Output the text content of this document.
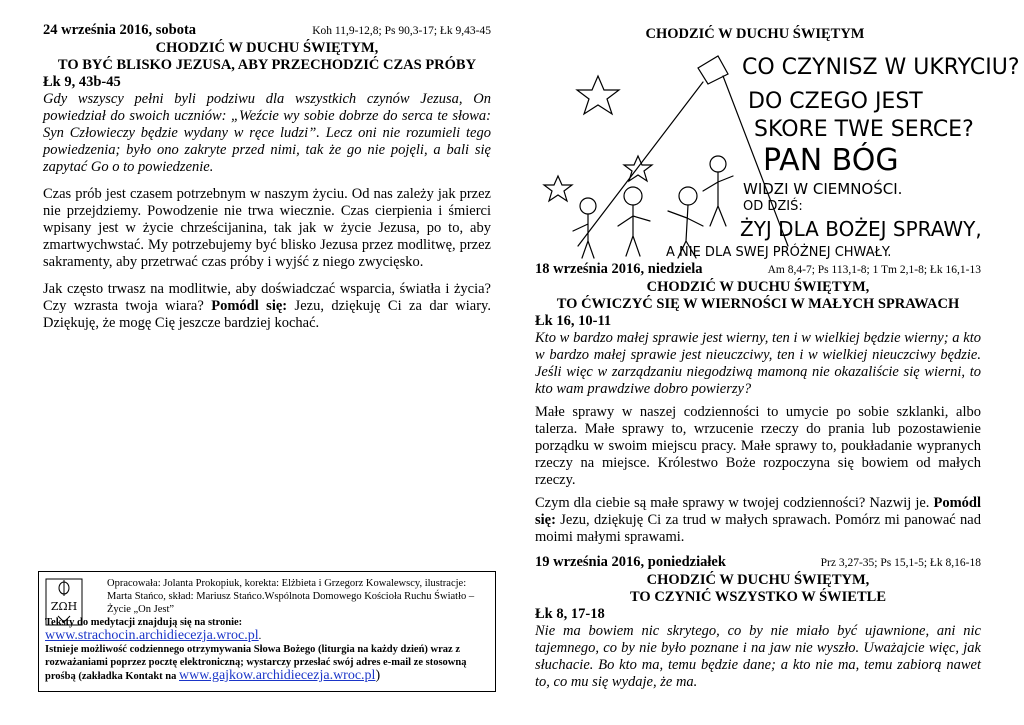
24 września 2016, sobota	Koh 11,9-12,8; Ps 90,3-17; Łk 9,43-45
CHODZIĆ W DUCHU ŚWIĘTYM,
TO BYĆ BLISKO JEZUSA, ABY PRZECHODZIĆ CZAS PRÓBY
Łk 9, 43b-45

Gdy wszyscy pełni byli podziwu dla wszystkich czynów Jezusa, On powiedział do swoich uczniów: „Weźcie wy sobie dobrze do serca te słowa: Syn Człowieczy będzie wydany w ręce ludzi”. Lecz oni nie rozumieli tego powiedzenia; było ono zakryte przed nimi, tak że go nie pojęli, a bali się zapytać Go o to powiedzenie.

Czas prób jest czasem potrzebnym w naszym życiu. Od nas zależy jak przez nie przejdziemy. Powodzenie nie trwa wiecznie. Czas cierpienia i śmierci wpisany jest w życie chrześcijanina, tak jak w życie Jezusa, po to, aby zmartwychwstać. My potrzebujemy być blisko Jezusa przez modlitwę, przez sakramenty, aby przetrwać czas próby i wyjść z niego zwycięsko.

Jak często trwasz na modlitwie, aby doświadczać wsparcia, światła i życia? Czy wzrasta twoja wiara? Pomódl się: Jezu, dziękuję Ci za dar wiary. Dziękuję, że mogę Cię jeszcze bardziej kochać.

ΖΩΗ
Opracowała: Jolanta Prokopiuk, korekta: Elżbieta i Grzegorz Kowalewscy, ilustracje: Marta Stańco, skład: Mariusz Stańco.Wspólnota Domowego Kościoła Ruchu Światło – Życie „On Jest”
Teksty do medytacji znajdują się na stronie:
www.strachocin.archidiecezja.wroc.pl.
Istnieje możliwość codziennego otrzymywania Słowa Bożego (liturgia na każdy dzień) wraz z rozważaniami poprzez pocztę elektroniczną; wystarczy przesłać swój adres e-mail ze stosowną prośbą (zakładka Kontakt na www.gajkow.archidiecezja.wroc.pl)
CHODZIĆ W DUCHU ŚWIĘTYM
CO CZYNISZ W UKRYCIU?
DO CZEGO JEST
SKORE TWE SERCE?
PAN BÓG
WIDZI W CIEMNOŚCI.
OD DZIŚ:
ŻYJ DLA BOŻEJ SPRAWY,
A NIE DLA SWEJ PRÓŻNEJ CHWAŁY.
18 września 2016, niedziela	Am 8,4-7; Ps 113,1-8; 1 Tm 2,1-8; Łk 16,1-13
CHODZIĆ W DUCHU ŚWIĘTYM,
TO ĆWICZYĆ SIĘ W WIERNOŚCI W MAŁYCH SPRAWACH
Łk 16, 10-11

Kto w bardzo małej sprawie jest wierny, ten i w wielkiej będzie wierny; a kto w bardzo małej sprawie jest nieuczciwy, ten i w wielkiej nieuczciwy będzie. Jeśli więc w zarządzaniu niegodziwą mamoną nie okazaliście się wierni, to kto wam prawdziwe dobro powierzy?

Małe sprawy w naszej codzienności to umycie po sobie szklanki, albo talerza. Małe sprawy to, wrzucenie rzeczy do prania lub pozostawienie porządku w swoim miejscu pracy. Małe sprawy to, poukładanie wypranych rzeczy na miejsce. Królestwo Boże rozpoczyna się bowiem od małych rzeczy.

Czym dla ciebie są małe sprawy w twojej codzienności? Nazwij je. Pomódl się: Jezu, dziękuję Ci za trud w małych sprawach. Pomórz mi panować nad moimi małymi sprawami.

19 września 2016, poniedziałek	Prz 3,27-35; Ps 15,1-5; Łk 8,16-18
CHODZIĆ W DUCHU ŚWIĘTYM,
TO CZYNIĆ WSZYSTKO W ŚWIETLE
Łk 8, 17-18

Nie ma bowiem nic skrytego, co by nie miało być ujawnione, ani nic tajemnego, co by nie było poznane i na jaw nie wyszło. Uważajcie więc, jak słuchacie. Bo kto ma, temu będzie dane; a kto nie ma, temu zabiorą nawet to, co mu się wydaje, że ma.
